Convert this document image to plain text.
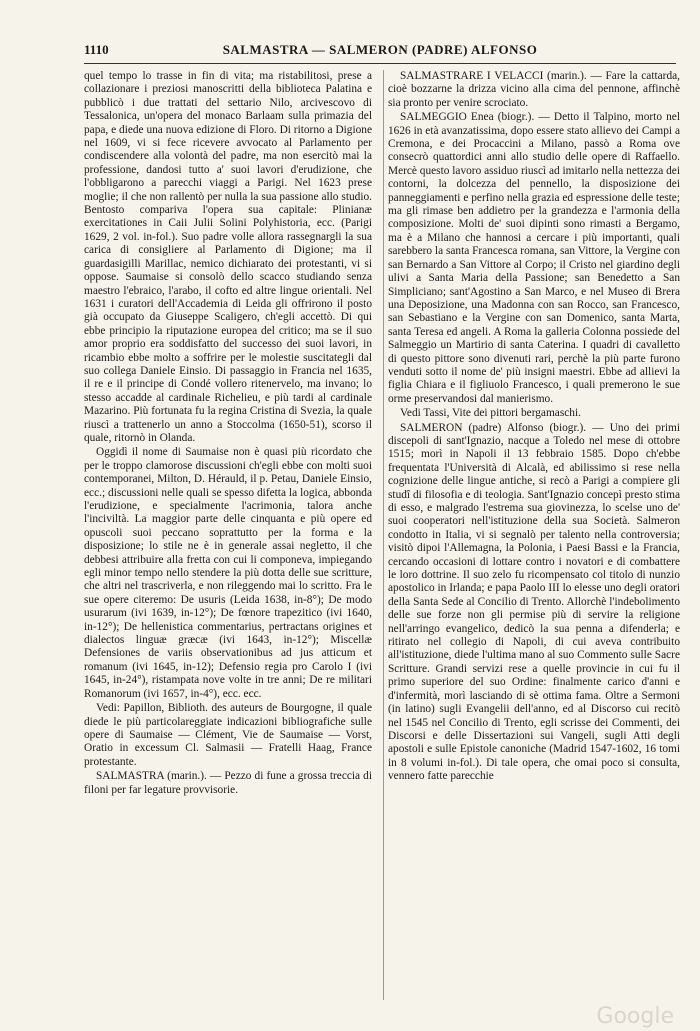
1110	SALMASTRA — SALMERON (PADRE) ALFONSO

quel tempo lo trasse in fin di vita; ma ristabilitosi, prese a collazionare i preziosi manoscritti della biblioteca Palatina e pubblicò i due trattati del settario Nilo, arcivescovo di Tessalonica, un'opera del monaco Barlaam sulla primazia del papa, e diede una nuova edizione di Floro. Di ritorno a Digione nel 1609, vi si fece ricevere avvocato al Parlamento per condiscendere alla volontà del padre, ma non esercitò mai la professione, dandosi tutto a' suoi lavori d'erudizione, che l'obbligarono a parecchi viaggi a Parigi. Nel 1623 prese moglie; il che non rallentò per nulla la sua passione allo studio. Bentosto compariva l'opera sua capitale: Plinianæ exercitationes in Caii Julii Solini Polyhistoria, ecc. (Parigi 1629, 2 vol. in-fol.). Suo padre volle allora rassegnargli la sua carica di consigliere al Parlamento di Digione; ma il guardasigilli Marillac, nemico dichiarato dei protestanti, vi si oppose. Saumaise si consolò dello scacco studiando senza maestro l'ebraico, l'arabo, il cofto ed altre lingue orientali. Nel 1631 i curatori dell'Accademia di Leida gli offrirono il posto già occupato da Giuseppe Scaligero, ch'egli accettò. Di qui ebbe principio la riputazione europea del critico; ma se il suo amor proprio era soddisfatto del successo dei suoi lavori, in ricambio ebbe molto a soffrire per le molestie suscitategli dal suo collega Daniele Einsio. Di passaggio in Francia nel 1635, il re e il principe di Condé vollero ritenervelo, ma invano; lo stesso accadde al cardinale Richelieu, e più tardi al cardinale Mazarino. Più fortunata fu la regina Cristina di Svezia, la quale riuscì a trattenerlo un anno a Stoccolma (1650-51), scorso il quale, ritornò in Olanda.

Oggidì il nome di Saumaise non è quasi più ricordato che per le troppo clamorose discussioni ch'egli ebbe con molti suoi contemporanei, Milton, D. Hérauld, il p. Petau, Daniele Einsio, ecc.; discussioni nelle quali se spesso difetta la logica, abbonda l'erudizione, e specialmente l'acrimonia, talora anche l'inciviltà. La maggior parte delle cinquanta e più opere ed opuscoli suoi peccano soprattutto per la forma e la disposizione; lo stile ne è in generale assai negletto, il che debbesi attribuire alla fretta con cui li componeva, impiegando egli minor tempo nello stendere la più dotta delle sue scritture, che altri nel trascriverla, e non rileggendo mai lo scritto. Fra le sue opere citeremo: De usuris (Leida 1638, in-8°); De modo usurarum (ivi 1639, in-12°); De fœnore trapezitico (ivi 1640, in-12°); De hellenistica commentarius, pertractans origines et dialectos linguæ græcæ (ivi 1643, in-12°); Miscellæ Defensiones de variis observationibus ad jus atticum et romanum (ivi 1645, in-12); Defensio regia pro Carolo I (ivi 1645, in-24°), ristampata nove volte in tre anni; De re militari Romanorum (ivi 1657, in-4°), ecc. ecc.

Vedi: Papillon, Biblioth. des auteurs de Bourgogne, il quale diede le più particolareggiate indicazioni bibliografiche sulle opere di Saumaise — Clément, Vie de Saumaise — Vorst, Oratio in excessum Cl. Salmasii — Fratelli Haag, France protestante.

SALMASTRA (marin.). — Pezzo di fune a grossa treccia di filoni per far legature provvisorie.

SALMASTRARE I VELACCI (marin.). — Fare la cattarda, cioè bozzarne la drizza vicino alla cima del pennone, affinchè sia pronto per venire scrociato.

SALMEGGIO Enea (biogr.). — Detto il Talpino, morto nel 1626 in età avanzatissima, dopo essere stato allievo dei Campi a Cremona, e dei Procaccini a Milano, passò a Roma ove consecrò quattordici anni allo studio delle opere di Raffaello. Mercè questo lavoro assiduo riuscì ad imitarlo nella nettezza dei contorni, la dolcezza del pennello, la disposizione dei panneggiamenti e perfino nella grazia ed espressione delle teste; ma gli rimase ben addietro per la grandezza e l'armonia della composizione. Molti de' suoi dipinti sono rimasti a Bergamo, ma è a Milano che hannosi a cercare i più importanti, quali sarebbero la santa Francesca romana, san Vittore, la Vergine con san Bernardo a San Vittore al Corpo; il Cristo nel giardino degli ulivi a Santa Maria della Passione; san Benedetto a San Simpliciano; sant'Agostino a San Marco, e nel Museo di Brera una Deposizione, una Madonna con san Rocco, san Francesco, san Sebastiano e la Vergine con san Domenico, santa Marta, santa Teresa ed angeli. A Roma la galleria Colonna possiede del Salmeggio un Martirio di santa Caterina. I quadri di cavalletto di questo pittore sono divenuti rari, perchè la più parte furono venduti sotto il nome de' più insigni maestri. Ebbe ad allievi la figlia Chiara e il figliuolo Francesco, i quali premerono le sue orme preservandosi dal manierismo.

Vedi Tassi, Vite dei pittori bergamaschi.

SALMERON (padre) Alfonso (biogr.). — Uno dei primi discepoli di sant'Ignazio, nacque a Toledo nel mese di ottobre 1515; morì in Napoli il 13 febbraio 1585. Dopo ch'ebbe frequentata l'Università di Alcalà, ed abilissimo si rese nella cognizione delle lingue antiche, si recò a Parigi a compiere gli studî di filosofia e di teologia. Sant'Ignazio concepì presto stima di esso, e malgrado l'estrema sua giovinezza, lo scelse uno de' suoi cooperatori nell'istituzione della sua Società. Salmeron condotto in Italia, vi si segnalò per talento nella controversia; visitò dipoi l'Allemagna, la Polonia, i Paesi Bassi e la Francia, cercando occasioni di lottare contro i novatori e di combattere le loro dottrine. Il suo zelo fu ricompensato col titolo di nunzio apostolico in Irlanda; e papa Paolo III lo elesse uno degli oratori della Santa Sede al Concilio di Trento. Allorchè l'indebolimento delle sue forze non gli permise più di servire la religione nell'arringo evangelico, dedicò la sua penna a difenderla; e ritirato nel collegio di Napoli, di cui aveva contribuito all'istituzione, diede l'ultima mano al suo Commento sulle Sacre Scritture. Grandi servizi rese a quelle provincie in cui fu il primo superiore del suo Ordine: finalmente carico d'anni e d'infermità, morì lasciando di sè ottima fama. Oltre a Sermoni (in latino) sugli Evangelii dell'anno, ed al Discorso cui recitò nel 1545 nel Concilio di Trento, egli scrisse dei Commenti, dei Discorsi e delle Dissertazioni sui Vangeli, sugli Atti degli apostoli e sulle Epistole canoniche (Madrid 1547-1602, 16 tomi in 8 volumi in-fol.). Di tale opera, che omai poco si consulta, vennero fatte parecchie

Google
